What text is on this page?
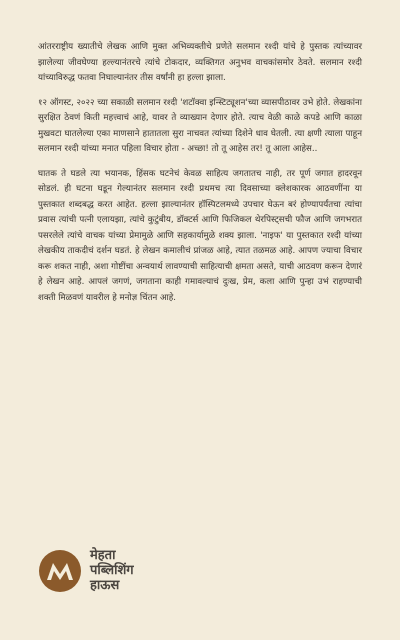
आंतरराष्ट्रीय ख्यातीचे लेखक आणि मुक्त अभिव्यक्तीचे प्रणेते सलमान रश्दी यांचे हे पुस्तक त्यांच्यावर झालेल्या जीवघेण्या हल्ल्यानंतरचे त्यांचे टोकदार, व्यक्तिगत अनुभव वाचकांसमोर ठेवते. सलमान रश्दी यांच्याविरुद्ध फतवा निघाल्यानंतर तीस वर्षांनी हा हल्ला झाला.

१२ ऑगस्ट, २०२२ च्या सकाळी सलमान रश्दी 'शटॉक्वा इन्स्टिट्यूशन'च्या व्यासपीठावर उभे होते. लेखकांना सुरक्षित ठेवणं किती महत्त्वाचं आहे, यावर ते व्याख्यान देणार होते. त्याच वेळी काळे कपडे आणि काळा मुखवटा घातलेल्या एका माणसाने हातातला सुरा नाचवत त्यांच्या दिशेने धाव घेतली. त्या क्षणी त्याला पाहून सलमान रश्दी यांच्या मनात पहिला विचार होता - अच्छा! तो तू आहेस तर! तू आला आहेस..

घातक ते घडले त्या भयानक, हिंसक घटनेचं केवळ साहित्य जगतातच नाही, तर पूर्ण जगात हादरवून सोडलं. ही घटना घडून गेल्यानंतर सलमान रश्दी प्रथमच त्या दिवसाच्या क्लेशकारक आठवणींना या पुस्तकात शब्दबद्ध करत आहेत. हल्ला झाल्यानंतर हॉस्पिटलमध्ये उपचार घेऊन बरं होण्यापर्यंतचा त्यांचा प्रवास त्यांची पत्नी एलायझा, त्यांचे कुटुंबीय, डॉक्टर्स आणि फिजिकल थेरपिस्ट्सची फौज आणि जगभरात पसरलेले त्यांचे वाचक यांच्या प्रेमामुळे आणि सहकार्यामुळे शक्य झाला. 'नाइफ' या पुस्तकात रश्दी यांच्या लेखकीय ताकदीचं दर्शन घडतं. हे लेखन कमालीचं प्रांजळ आहे, त्यात तळमळ आहे. आपण ज्याचा विचार करू शकत नाही, अशा गोष्टींचा अन्वयार्थ लावण्याची साहित्याची क्षमता असते, याची आठवण करून देणारं हे लेखन आहे. आपलं जगणं, जगताना काही गमावल्याचं दुःख, प्रेम, कला आणि पुन्हा उभं राहण्याची शक्ती मिळवणं यावरील हे मनोज्ञ चिंतन आहे.

मेहता
पब्लिशिंग
हाऊस
